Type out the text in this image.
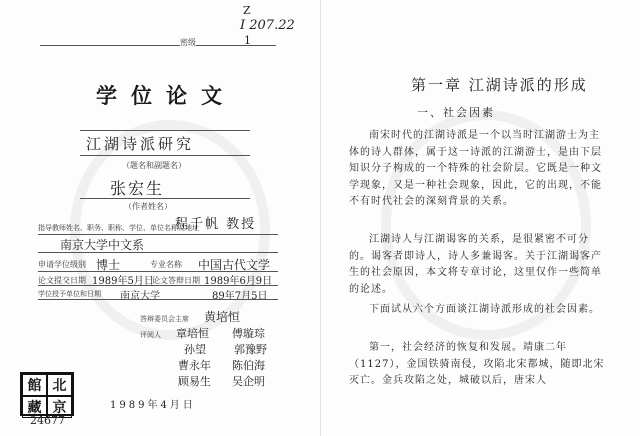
Z
I 207.22
密级	1
学位论文
江湖诗派研究
（题名和副题名）
张宏生
（作者姓名）
指导教师姓名、职务、职称、学位、单位名称及地址
程千帆 教授
南京大学中文系
申请学位级别 博士	专业名称 中国古代文学
论文提交日期 1989年5月日
论文答辩日期 1989年6月9日
学位授予单位和日期 南京大学	89年7月5日
答辩委员会主席 黄培恒
评阅人 章培恒 傅璇琮
孙望	郭豫野
曹永年 陈伯海
顾易生 吴企明
館 北
藏 京	1989年4月日
24677
第一章 江湖诗派的形成
一、社会因素
南宋时代的江湖诗派是一个以当时江湖游士为主体的诗人群体，属于这一诗派的江湖游士，是由下层知识分子构成的一个特殊的社会阶层。它既是一种文学现象，又是一种社会现象，因此，它的出现，不能不有时代社会的深刻背景的关系。
江湖诗人与江湖谒客的关系，是很紧密不可分的。谒客者即诗人，诗人多兼谒客。关于江湖谒客产生的社会原因，本文将专章讨论，这里仅作一些简单的论述。
下面试从六个方面谈江湖诗派形成的社会因素。
第一，社会经济的恢复和发展。靖康二年（1127），金国铁骑南侵，攻陷北宋都城，随即北宋灭亡。金兵攻陷之处，城破以后，唐宋人
